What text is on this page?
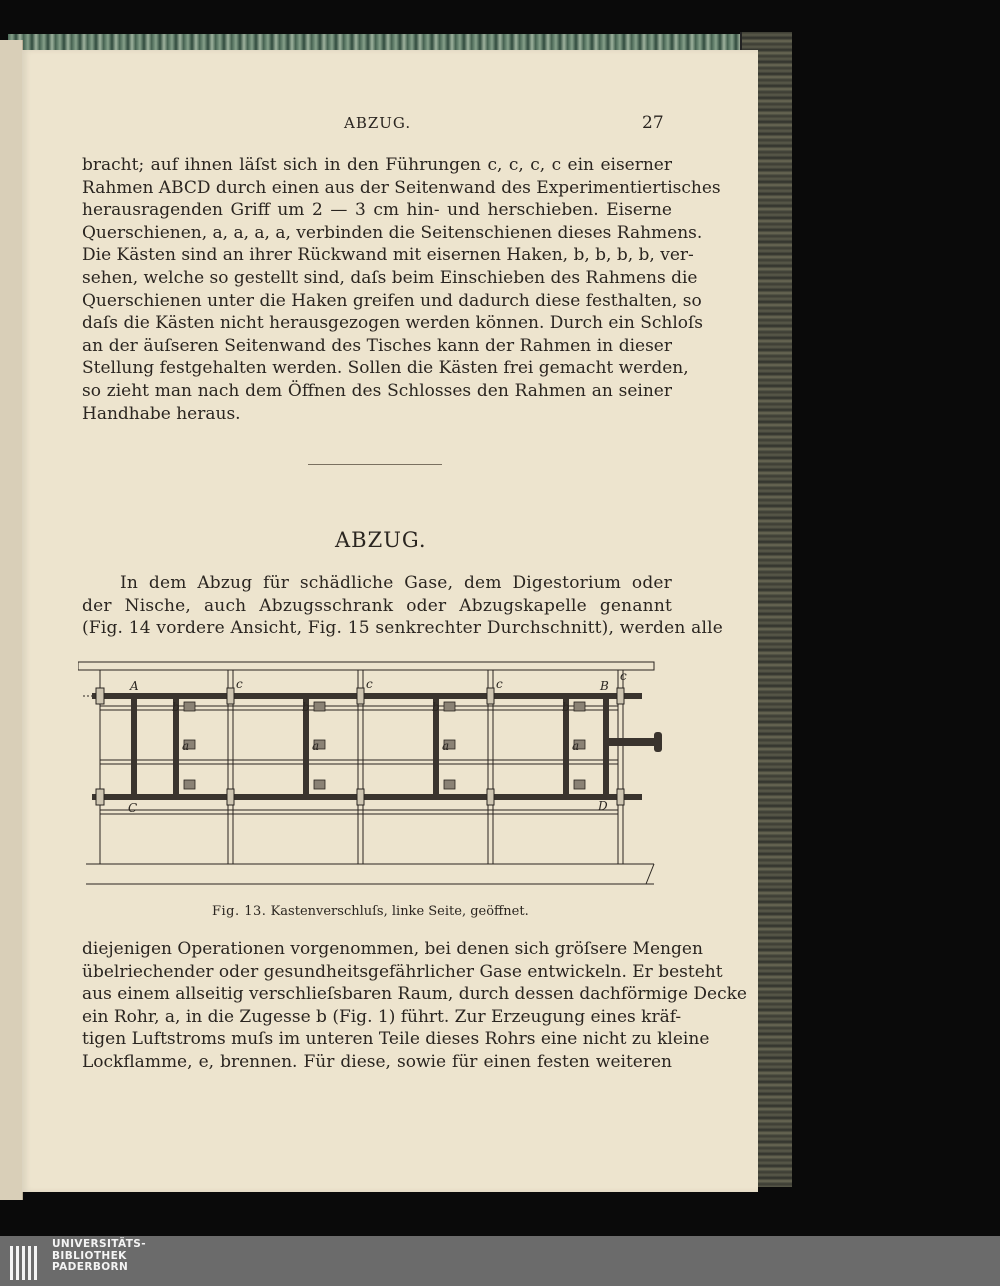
ABZUG.	27
bracht; auf ihnen läſst sich in den Führungen c, c, c, c ein eiserner
Rahmen ABCD durch einen aus der Seitenwand des Experimentiertisches
herausragenden Griff um 2 — 3 cm hin- und herschieben. Eiserne
Querschienen, a, a, a, a, verbinden die Seitenschienen dieses Rahmens.
Die Kästen sind an ihrer Rückwand mit eisernen Haken, b, b, b, b, ver-
sehen, welche so gestellt sind, daſs beim Einschieben des Rahmens die
Querschienen unter die Haken greifen und dadurch diese festhalten, so
daſs die Kästen nicht herausgezogen werden können. Durch ein Schloſs
an der äuſseren Seitenwand des Tisches kann der Rahmen in dieser
Stellung festgehalten werden. Sollen die Kästen frei gemacht werden,
so zieht man nach dem Öffnen des Schlosses den Rahmen an seiner
Handhabe heraus.
ABZUG.
In dem Abzug für schädliche Gase, dem Digestorium oder
der Nische, auch Abzugsschrank oder Abzugskapelle genannt
(Fig. 14 vordere Ansicht, Fig. 15 senkrechter Durchschnitt), werden alle
A	B
C	D
c	c	c
c
b	b	b	b
a	a	a	a
Fig. 13. Kastenverschluſs, linke Seite, geöffnet.
diejenigen Operationen vorgenommen, bei denen sich gröſsere Mengen
übelriechender oder gesundheitsgefährlicher Gase entwickeln. Er besteht
aus einem allseitig verschlieſsbaren Raum, durch dessen dachförmige Decke
ein Rohr, a, in die Zugesse b (Fig. 1) führt. Zur Erzeugung eines kräf-
tigen Luftstroms muſs im unteren Teile dieses Rohrs eine nicht zu kleine
Lockflamme, e, brennen. Für diese, sowie für einen festen weiteren
UNIVERSITÄTS-
BIBLIOTHEK
PADERBORN
